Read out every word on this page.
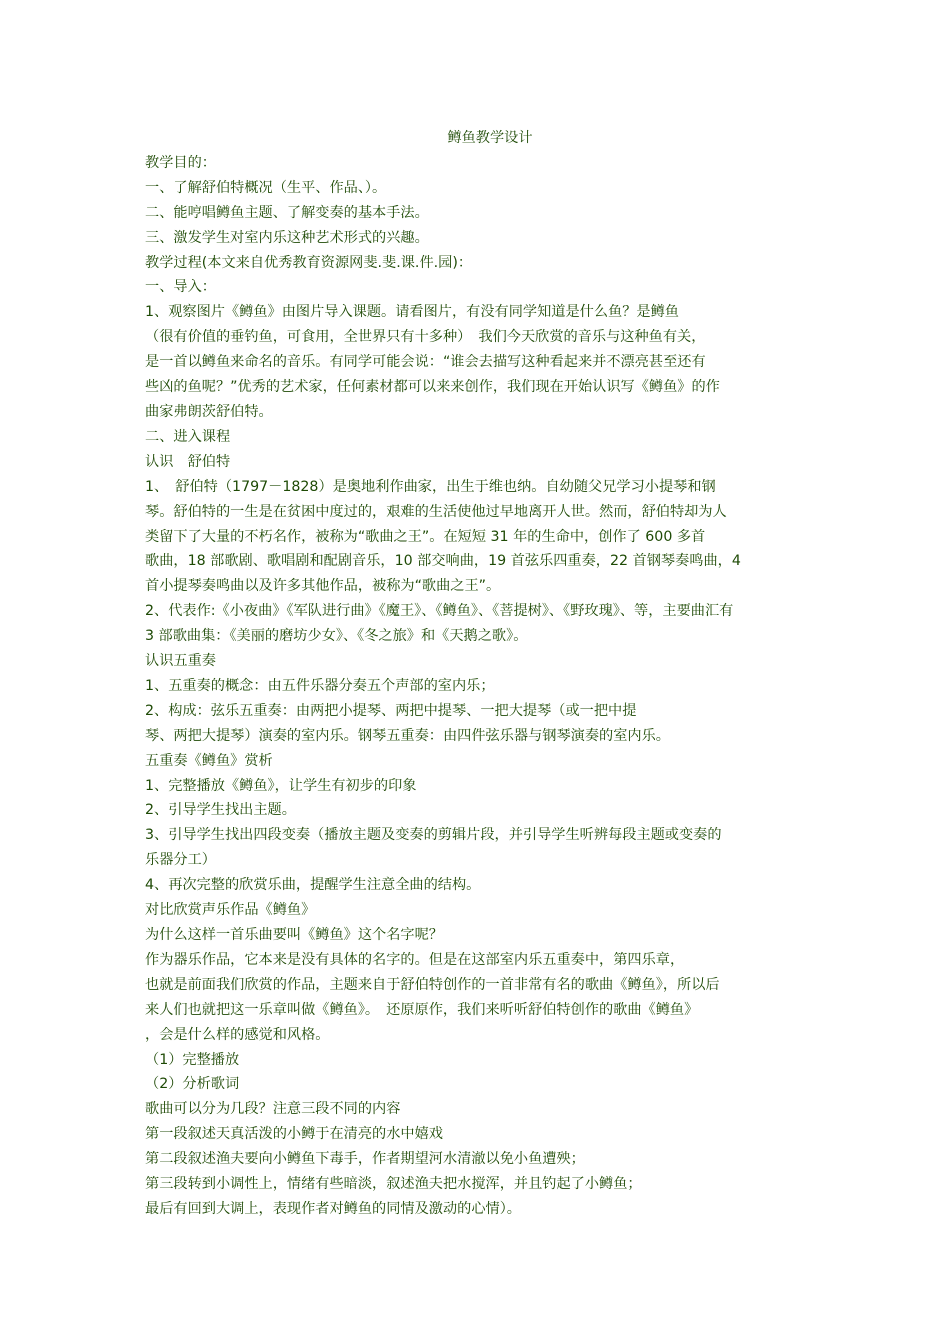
鳟鱼教学设计

教学目的：

一、了解舒伯特概况（生平、作品、）。

二、能哼唱鳟鱼主题、了解变奏的基本手法。

三、激发学生对室内乐这种艺术形式的兴趣。

教学过程(本文来自优秀教育资源网斐.斐.课.件.园)：

一、导入：

1、观察图片《鳟鱼》由图片导入课题。请看图片，有没有同学知道是什么鱼？是鳟鱼

（很有价值的垂钓鱼，可食用，全世界只有十多种）　我们今天欣赏的音乐与这种鱼有关，

是一首以鳟鱼来命名的音乐。有同学可能会说：“谁会去描写这种看起来并不漂亮甚至还有

些凶的鱼呢？”优秀的艺术家，任何素材都可以来来创作，我们现在开始认识写《鳟鱼》的作

曲家弗朗茨舒伯特。

二、进入课程

认识　舒伯特

1、　舒伯特（1797－1828）是奥地利作曲家，出生于维也纳。自幼随父兄学习小提琴和钢

琴。舒伯特的一生是在贫困中度过的，艰难的生活使他过早地离开人世。然而，舒伯特却为人

类留下了大量的不朽名作，被称为“歌曲之王”。在短短 31 年的生命中，创作了 600 多首

歌曲，18 部歌剧、歌唱剧和配剧音乐，10 部交响曲，19 首弦乐四重奏，22 首钢琴奏鸣曲，4

首小提琴奏鸣曲以及许多其他作品，被称为“歌曲之王”。

2、代表作:《小夜曲》《军队进行曲》《魔王》、《鳟鱼》、《菩提树》、《野玫瑰》、等，主要曲汇有

3 部歌曲集：《美丽的磨坊少女》、《冬之旅》和《天鹅之歌》。

认识五重奏

1、五重奏的概念：由五件乐器分奏五个声部的室内乐；

2、构成：弦乐五重奏：由两把小提琴、两把中提琴、一把大提琴（或一把中提

琴、两把大提琴）演奏的室内乐。钢琴五重奏：由四件弦乐器与钢琴演奏的室内乐。

五重奏《鳟鱼》赏析

1、完整播放《鳟鱼》，让学生有初步的印象

2、引导学生找出主题。

3、引导学生找出四段变奏（播放主题及变奏的剪辑片段，并引导学生听辨每段主题或变奏的

乐器分工）

4、再次完整的欣赏乐曲，提醒学生注意全曲的结构。

对比欣赏声乐作品《鳟鱼》

为什么这样一首乐曲要叫《鳟鱼》这个名字呢？

作为器乐作品，它本来是没有具体的名字的。但是在这部室内乐五重奏中，第四乐章，

也就是前面我们欣赏的作品，主题来自于舒伯特创作的一首非常有名的歌曲《鳟鱼》，所以后

来人们也就把这一乐章叫做《鳟鱼》。　还原原作，我们来听听舒伯特创作的歌曲《鳟鱼》

，会是什么样的感觉和风格。

（1）完整播放

（2）分析歌词

歌曲可以分为几段？注意三段不同的内容

第一段叙述天真活泼的小鳟于在清亮的水中嬉戏

第二段叙述渔夫要向小鳟鱼下毒手，作者期望河水清澈以免小鱼遭殃；

第三段转到小调性上，情绪有些暗淡，叙述渔夫把水搅浑，并且钓起了小鳟鱼；

最后有回到大调上，表现作者对鳟鱼的同情及激动的心情）。
